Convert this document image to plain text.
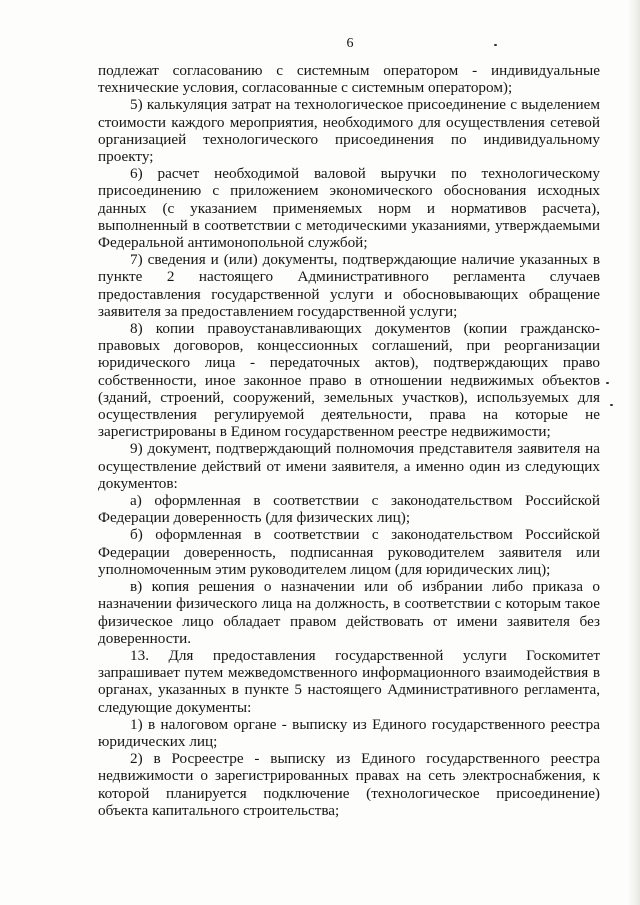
6

подлежат согласованию с системным оператором - индивидуальные технические условия, согласованные с системным оператором);

5) калькуляция затрат на технологическое присоединение с выделением стоимости каждого мероприятия, необходимого для осуществления сетевой организацией технологического присоединения по индивидуальному проекту;

6) расчет необходимой валовой выручки по технологическому присоединению с приложением экономического обоснования исходных данных (с указанием применяемых норм и нормативов расчета), выполненный в соответствии с методическими указаниями, утверждаемыми Федеральной антимонопольной службой;

7) сведения и (или) документы, подтверждающие наличие указанных в пункте 2 настоящего Административного регламента случаев предоставления государственной услуги и обосновывающих обращение заявителя за предоставлением государственной услуги;

8) копии правоустанавливающих документов (копии гражданско-правовых договоров, концессионных соглашений, при реорганизации юридического лица - передаточных актов), подтверждающих право собственности, иное законное право в отношении недвижимых объектов (зданий, строений, сооружений, земельных участков), используемых для осуществления регулируемой деятельности, права на которые не зарегистрированы в Едином государственном реестре недвижимости;

9) документ, подтверждающий полномочия представителя заявителя на осуществление действий от имени заявителя, а именно один из следующих документов:

а) оформленная в соответствии с законодательством Российской Федерации доверенность (для физических лиц);

б) оформленная в соответствии с законодательством Российской Федерации доверенность, подписанная руководителем заявителя или уполномоченным этим руководителем лицом (для юридических лиц);

в) копия решения о назначении или об избрании либо приказа о назначении физического лица на должность, в соответствии с которым такое физическое лицо обладает правом действовать от имени заявителя без доверенности.

13. Для предоставления государственной услуги Госкомитет запрашивает путем межведомственного информационного взаимодействия в органах, указанных в пункте 5 настоящего Административного регламента, следующие документы:

1) в налоговом органе - выписку из Единого государственного реестра юридических лиц;

2) в Росреестре - выписку из Единого государственного реестра недвижимости о зарегистрированных правах на сеть электроснабжения, к которой планируется подключение (технологическое присоединение) объекта капитального строительства;
